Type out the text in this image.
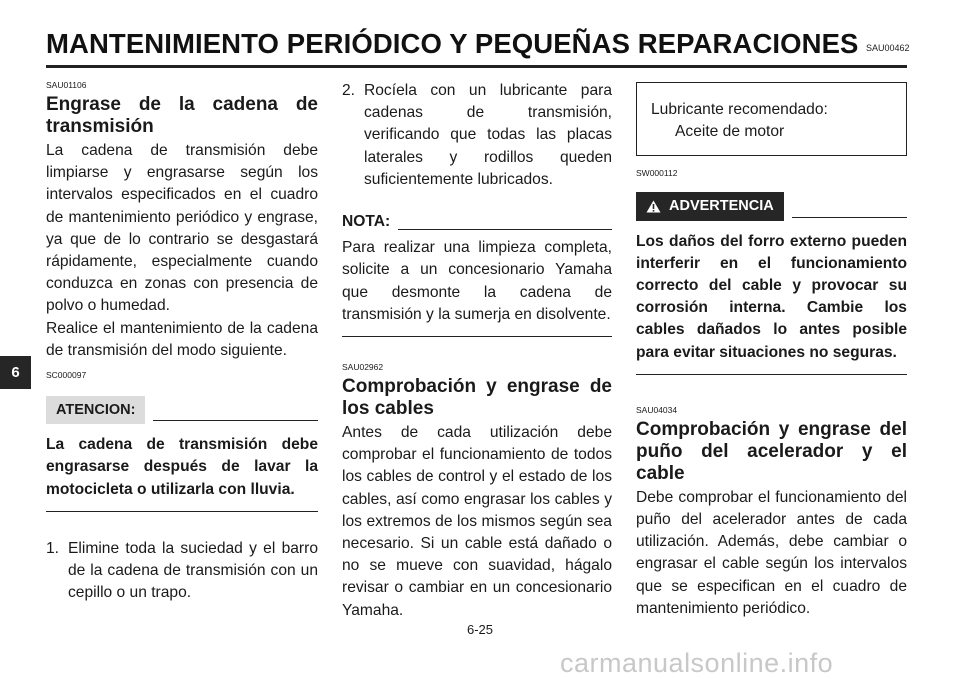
MANTENIMIENTO PERIÓDICO Y PEQUEÑAS REPARACIONES SAU00462
6

SAU01106

Engrase de la cadena de transmisión

La cadena de transmisión debe limpiarse y engrasarse según los intervalos especificados en el cuadro de mantenimiento periódico y engrase, ya que de lo contrario se desgastará rápidamente, especialmente cuando conduzca en zonas con presencia de polvo o humedad.

Realice el mantenimiento de la cadena de transmisión del modo siguiente.

SC000097

ATENCION:

La cadena de transmisión debe engrasarse después de lavar la motocicleta o utilizarla con lluvia.

1. Elimine toda la suciedad y el barro de la cadena de transmisión con un cepillo o un trapo.
2. Rocíela con un lubricante para cadenas de transmisión, verificando que todas las placas laterales y rodillos queden suficientemente lubricados.
NOTA:

Para realizar una limpieza completa, solicite a un concesionario Yamaha que desmonte la cadena de transmisión y la sumerja en disolvente.

SAU02962

Comprobación y engrase de los cables

Antes de cada utilización debe comprobar el funcionamiento de todos los cables de control y el estado de los cables, así como engrasar los cables y los extremos de los mismos según sea necesario. Si un cable está dañado o no se mueve con suavidad, hágalo revisar o cambiar en un concesionario Yamaha.

Lubricante recomendado:
Aceite de motor

SW000112

ADVERTENCIA

Los daños del forro externo pueden interferir en el funcionamiento correcto del cable y provocar su corrosión interna. Cambie los cables dañados lo antes posible para evitar situaciones no seguras.

SAU04034

Comprobación y engrase del puño del acelerador y el cable

Debe comprobar el funcionamiento del puño del acelerador antes de cada utilización. Además, debe cambiar o engrasar el cable según los intervalos que se especifican en el cuadro de mantenimiento periódico.

6-25
carmanualsonline.info
